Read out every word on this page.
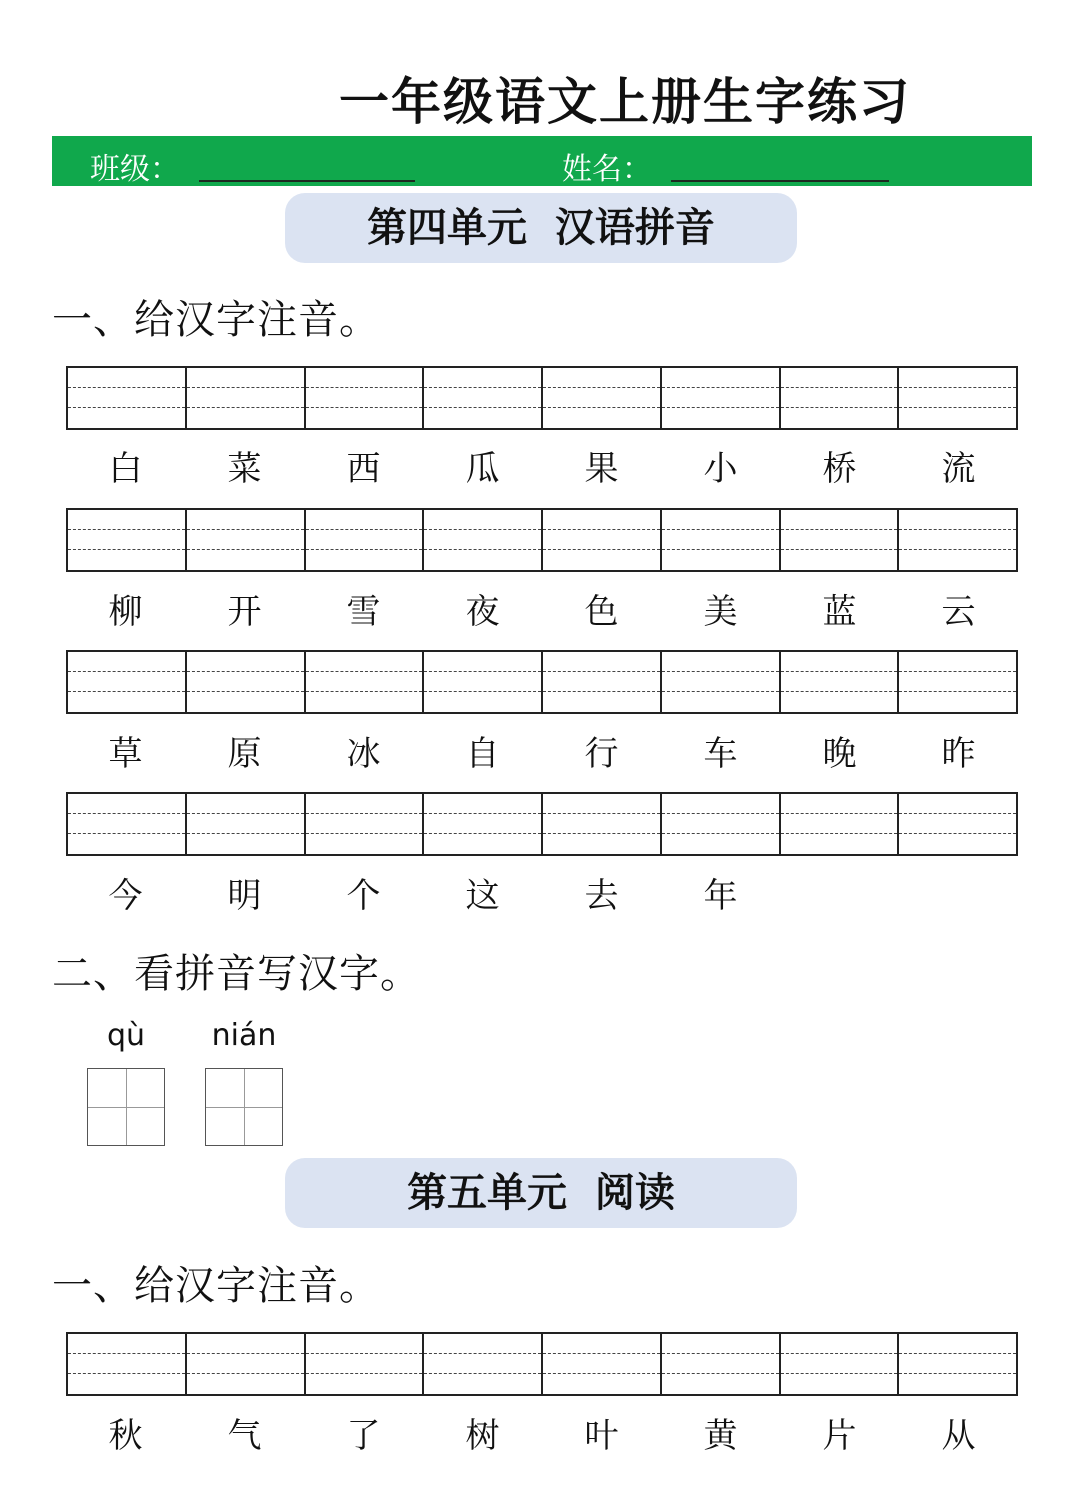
一年级语文上册生字练习
班级：	姓名：
第四单元  汉语拼音
一、给汉字注音。
白	菜	西	瓜	果	小	桥	流
柳	开	雪	夜	色	美	蓝	云
草	原	冰	自	行	车	晚	昨
今	明	个	这	去	年
二、看拼音写汉字。
qù	nián
第五单元  阅读
一、给汉字注音。
秋	气	了	树	叶	黄	片	从
